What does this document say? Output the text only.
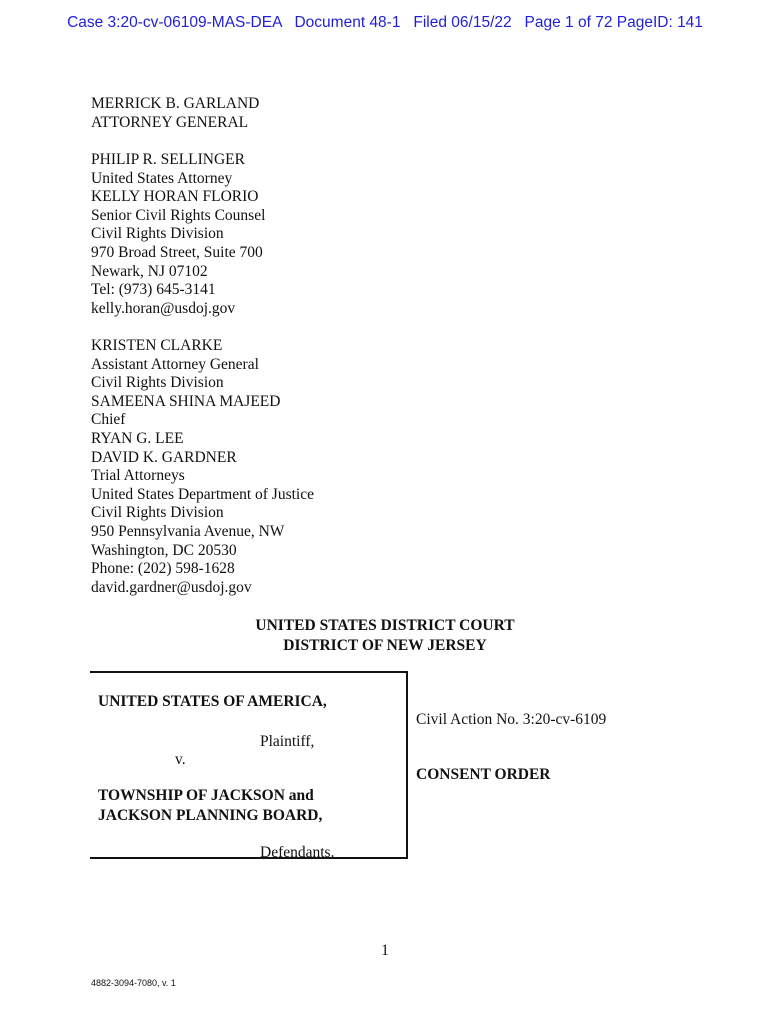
Case 3:20-cv-06109-MAS-DEA   Document 48-1   Filed 06/15/22   Page 1 of 72 PageID: 141
MERRICK B. GARLAND
ATTORNEY GENERAL
PHILIP R. SELLINGER
United States Attorney
KELLY HORAN FLORIO
Senior Civil Rights Counsel
Civil Rights Division
970 Broad Street, Suite 700
Newark, NJ 07102
Tel: (973) 645-3141
kelly.horan@usdoj.gov
KRISTEN CLARKE
Assistant Attorney General
Civil Rights Division
SAMEENA SHINA MAJEED
Chief
RYAN G. LEE
DAVID K. GARDNER
Trial Attorneys
United States Department of Justice
Civil Rights Division
950 Pennsylvania Avenue, NW
Washington, DC 20530
Phone: (202) 598-1628
david.gardner@usdoj.gov
UNITED STATES DISTRICT COURT
DISTRICT OF NEW JERSEY
UNITED STATES OF AMERICA,
Plaintiff,
v.
TOWNSHIP OF JACKSON and
JACKSON PLANNING BOARD,
Defendants.
Civil Action No. 3:20-cv-6109
CONSENT ORDER
1
4882-3094-7080, v. 1
